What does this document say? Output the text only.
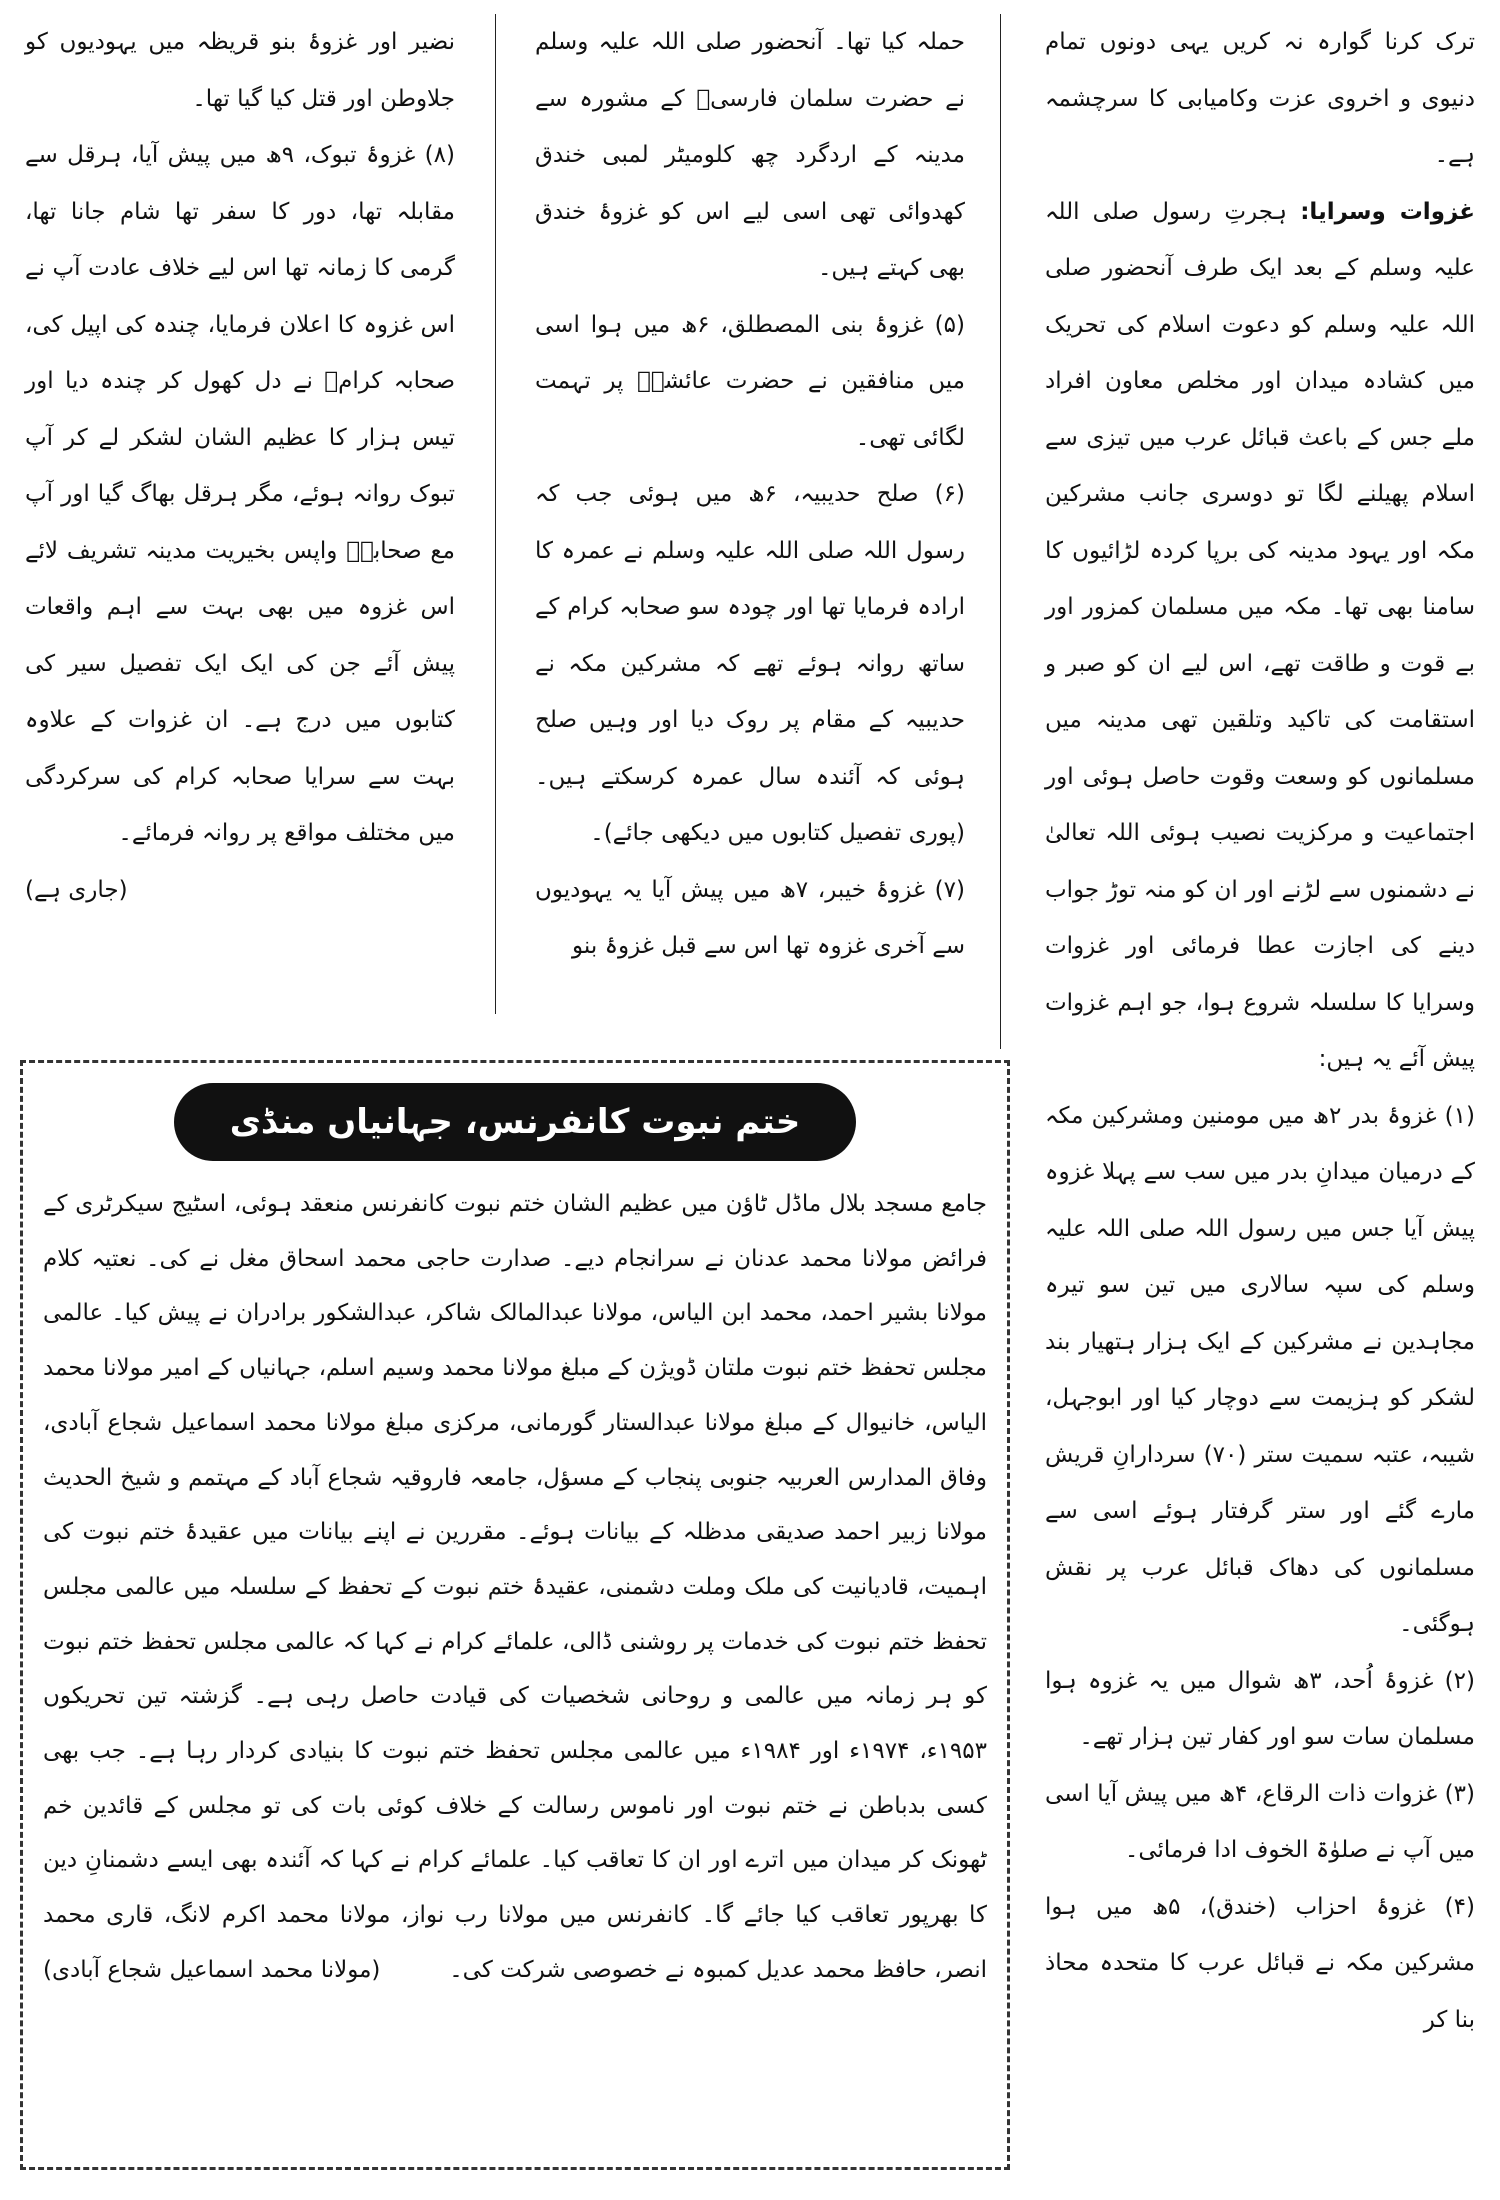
ترک کرنا گوارہ نہ کریں یہی دونوں تمام دنیوی و اخروی عزت وکامیابی کا سرچشمہ ہے۔

غزوات وسرایا: ہجرتِ رسول صلی اللہ علیہ وسلم کے بعد ایک طرف آنحضور صلی اللہ علیہ وسلم کو دعوت اسلام کی تحریک میں کشادہ میدان اور مخلص معاون افراد ملے جس کے باعث قبائل عرب میں تیزی سے اسلام پھیلنے لگا تو دوسری جانب مشرکین مکہ اور یہود مدینہ کی برپا کردہ لڑائیوں کا سامنا بھی تھا۔ مکہ میں مسلمان کمزور اور بے قوت و طاقت تھے، اس لیے ان کو صبر و استقامت کی تاکید وتلقین تھی مدینہ میں مسلمانوں کو وسعت وقوت حاصل ہوئی اور اجتماعیت و مرکزیت نصیب ہوئی اللہ تعالیٰ نے دشمنوں سے لڑنے اور ان کو منہ توڑ جواب دینے کی اجازت عطا فرمائی اور غزوات وسرایا کا سلسلہ شروع ہوا، جو اہم غزوات پیش آئے یہ ہیں:

(۱) غزوۂ بدر ۲ھ میں مومنین ومشرکین مکہ کے درمیان میدانِ بدر میں سب سے پہلا غزوہ پیش آیا جس میں رسول اللہ صلی اللہ علیہ وسلم کی سپہ سالاری میں تین سو تیرہ مجاہدین نے مشرکین کے ایک ہزار ہتھیار بند لشکر کو ہزیمت سے دوچار کیا اور ابوجہل، شیبہ، عتبہ سمیت ستر (۷۰) سردارانِ قریش مارے گئے اور ستر گرفتار ہوئے اسی سے مسلمانوں کی دھاک قبائل عرب پر نقش ہوگئی۔

(۲) غزوۂ اُحد، ۳ھ شوال میں یہ غزوہ ہوا مسلمان سات سو اور کفار تین ہزار تھے۔

(۳) غزوات ذات الرقاع، ۴ھ میں پیش آیا اسی میں آپ نے صلوٰۃ الخوف ادا فرمائی۔

(۴) غزوۂ احزاب (خندق)، ۵ھ میں ہوا مشرکین مکہ نے قبائل عرب کا متحدہ محاذ بنا کر

حملہ کیا تھا۔ آنحضور صلی اللہ علیہ وسلم نے حضرت سلمان فارسیؓ کے مشورہ سے مدینہ کے اردگرد چھ کلومیٹر لمبی خندق کھدوائی تھی اسی لیے اس کو غزوۂ خندق بھی کہتے ہیں۔

(۵) غزوۂ بنی المصطلق، ۶ھ میں ہوا اسی میں منافقین نے حضرت عائشہؓ پر تہمت لگائی تھی۔

(۶) صلح حدیبیہ، ۶ھ میں ہوئی جب کہ رسول اللہ صلی اللہ علیہ وسلم نے عمرہ کا ارادہ فرمایا تھا اور چودہ سو صحابہ کرام کے ساتھ روانہ ہوئے تھے کہ مشرکین مکہ نے حدیبیہ کے مقام پر روک دیا اور وہیں صلح ہوئی کہ آئندہ سال عمرہ کرسکتے ہیں۔ (پوری تفصیل کتابوں میں دیکھی جائے)۔

(۷) غزوۂ خیبر، ۷ھ میں پیش آیا یہ یہودیوں سے آخری غزوہ تھا اس سے قبل غزوۂ بنو

نضیر اور غزوۂ بنو قریظہ میں یہودیوں کو جلاوطن اور قتل کیا گیا تھا۔

(۸) غزوۂ تبوک، ۹ھ میں پیش آیا، ہرقل سے مقابلہ تھا، دور کا سفر تھا شام جانا تھا، گرمی کا زمانہ تھا اس لیے خلاف عادت آپ نے اس غزوہ کا اعلان فرمایا، چندہ کی اپیل کی، صحابہ کرامؓ نے دل کھول کر چندہ دیا اور تیس ہزار کا عظیم الشان لشکر لے کر آپ تبوک روانہ ہوئے، مگر ہرقل بھاگ گیا اور آپ مع صحابہؓ واپس بخیریت مدینہ تشریف لائے اس غزوہ میں بھی بہت سے اہم واقعات پیش آئے جن کی ایک ایک تفصیل سیر کی کتابوں میں درج ہے۔ ان غزوات کے علاوہ بہت سے سرایا صحابہ کرام کی سرکردگی میں مختلف مواقع پر روانہ فرمائے۔
(جاری ہے)

ختم نبوت کانفرنس، جہانیاں منڈی

جامع مسجد بلال ماڈل ٹاؤن میں عظیم الشان ختم نبوت کانفرنس منعقد ہوئی، اسٹیج سیکرٹری کے فرائض مولانا محمد عدنان نے سرانجام دیے۔ صدارت حاجی محمد اسحاق مغل نے کی۔ نعتیہ کلام مولانا بشیر احمد، محمد ابن الیاس، مولانا عبدالمالک شاکر، عبدالشکور برادران نے پیش کیا۔ عالمی مجلس تحفظ ختم نبوت ملتان ڈویژن کے مبلغ مولانا محمد وسیم اسلم، جہانیاں کے امیر مولانا محمد الیاس، خانیوال کے مبلغ مولانا عبدالستار گورمانی، مرکزی مبلغ مولانا محمد اسماعیل شجاع آبادی، وفاق المدارس العربیہ جنوبی پنجاب کے مسؤل، جامعہ فاروقیہ شجاع آباد کے مہتمم و شیخ الحدیث مولانا زبیر احمد صدیقی مدظلہ کے بیانات ہوئے۔ مقررین نے اپنے بیانات میں عقیدۂ ختم نبوت کی اہمیت، قادیانیت کی ملک وملت دشمنی، عقیدۂ ختم نبوت کے تحفظ کے سلسلہ میں عالمی مجلس تحفظ ختم نبوت کی خدمات پر روشنی ڈالی، علمائے کرام نے کہا کہ عالمی مجلس تحفظ ختم نبوت کو ہر زمانہ میں عالمی و روحانی شخصیات کی قیادت حاصل رہی ہے۔ گزشتہ تین تحریکوں ۱۹۵۳ء، ۱۹۷۴ء اور ۱۹۸۴ء میں عالمی مجلس تحفظ ختم نبوت کا بنیادی کردار رہا ہے۔ جب بھی کسی بدباطن نے ختم نبوت اور ناموس رسالت کے خلاف کوئی بات کی تو مجلس کے قائدین خم ٹھونک کر میدان میں اترے اور ان کا تعاقب کیا۔ علمائے کرام نے کہا کہ آئندہ بھی ایسے دشمنانِ دین کا بھرپور تعاقب کیا جائے گا۔ کانفرنس میں مولانا رب نواز، مولانا محمد اکرم لانگ، قاری محمد انصر، حافظ محمد عدیل کمبوہ نے خصوصی شرکت کی۔
(مولانا محمد اسماعیل شجاع آبادی)
